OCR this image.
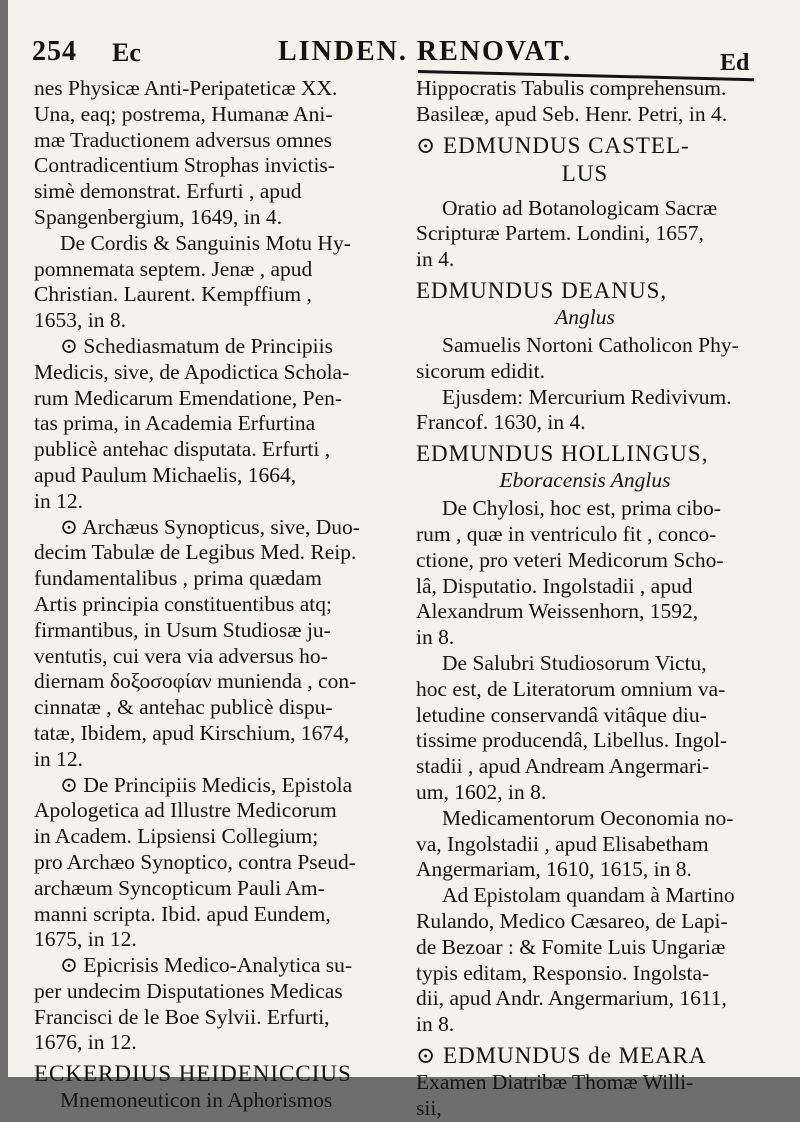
254 Ec	LINDEN. RENOVAT.	Ed
nes Physicæ Anti-Peripateticæ XX.
Una, eaq; postrema, Humanæ Ani-
mæ Traductionem adversus omnes
Contradicentium Strophas invictis-
simè demonstrat. Erfurti , apud
Spangenbergium, 1649, in 4.
De Cordis & Sanguinis Motu Hy-
pomnemata septem. Jenæ , apud
Christian. Laurent. Kempffium ,
1653, in 8.
⊙ Schediasmatum de Principiis
Medicis, sive, de Apodictica Schola-
rum Medicarum Emendatione, Pen-
tas prima, in Academia Erfurtina
publicè antehac disputata. Erfurti ,
apud Paulum Michaelis, 1664,
in 12.
⊙ Archæus Synopticus, sive, Duo-
decim Tabulæ de Legibus Med. Reip.
fundamentalibus , prima quædam
Artis principia constituentibus atq;
firmantibus, in Usum Studiosæ ju-
ventutis, cui vera via adversus ho-
diernam δοξοσοφίαν munienda , con-
cinnatæ , & antehac publicè dispu-
tatæ, Ibidem, apud Kirschium, 1674,
in 12.
⊙ De Principiis Medicis, Epistola
Apologetica ad Illustre Medicorum
in Academ. Lipsiensi Collegium;
pro Archæo Synoptico, contra Pseud-
archæum Syncopticum Pauli Am-
manni scripta. Ibid. apud Eundem,
1675, in 12.
⊙ Epicrisis Medico-Analytica su-
per undecim Disputationes Medicas
Francisci de le Boe Sylvii. Erfurti,
1676, in 12.
ECKERDIUS HEIDENICCIUS
Mnemoneuticon in Aphorismos
Hippocratis Tabulis comprehensum.
Basileæ, apud Seb. Henr. Petri, in 4.
⊙ EDMUNDUS CASTEL-
LUS
Oratio ad Botanologicam Sacræ
Scripturæ Partem. Londini, 1657,
in 4.
EDMUNDUS DEANUS,
Anglus
Samuelis Nortoni Catholicon Phy-
sicorum edidit.
Ejusdem: Mercurium Redivivum.
Francof. 1630, in 4.
EDMUNDUS HOLLINGUS,
Eboracensis Anglus
De Chylosi, hoc est, prima cibo-
rum , quæ in ventriculo fit , conco-
ctione, pro veteri Medicorum Scho-
lâ, Disputatio. Ingolstadii , apud
Alexandrum Weissenhorn, 1592,
in 8.
De Salubri Studiosorum Victu,
hoc est, de Literatorum omnium va-
letudine conservandâ vitâque diu-
tissime producendâ, Libellus. Ingol-
stadii , apud Andream Angermari-
um, 1602, in 8.
Medicamentorum Oeconomia no-
va, Ingolstadii , apud Elisabetham
Angermariam, 1610, 1615, in 8.
Ad Epistolam quandam à Martino
Rulando, Medico Cæsareo, de Lapi-
de Bezoar : & Fomite Luis Ungariæ
typis editam, Responsio. Ingolsta-
dii, apud Andr. Angermarium, 1611,
in 8.
⊙ EDMUNDUS de MEARA
Examen Diatribæ Thomæ Willi-
sii,
